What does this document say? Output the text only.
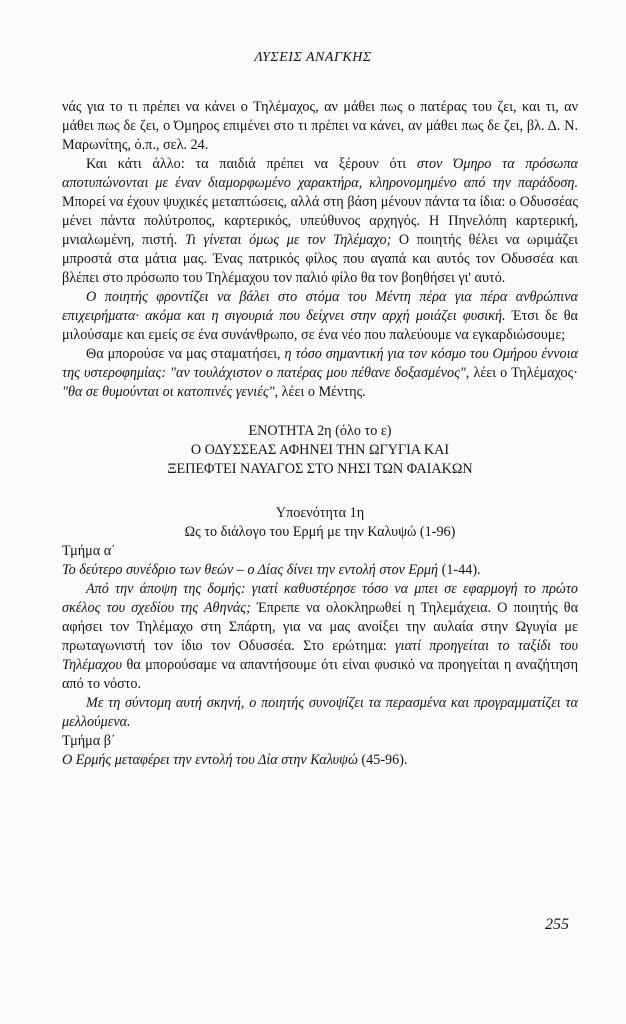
ΛΥΣΕΙΣ ΑΝΑΓΚΗΣ

νάς για το τι πρέπει να κάνει ο Τηλέμαχος, αν μάθει πως ο πατέρας του ζει, και τι, αν μάθει πως δε ζει, ο Όμηρος επιμένει στο τι πρέπει να κάνει, αν μάθει πως δε ζει, βλ. Δ. Ν. Μαρωνίτης, ό.π., σελ. 24.

Και κάτι άλλο: τα παιδιά πρέπει να ξέρουν ότι στον Όμηρο τα πρόσωπα αποτυπώνονται με έναν διαμορφωμένο χαρακτήρα, κληρονομημένο από την παράδοση. Μπορεί να έχουν ψυχικές μεταπτώσεις, αλλά στη βάση μένουν πάντα τα ίδια: ο Οδυσσέας μένει πάντα πολύτροπος, καρτερικός, υπεύθυνος αρχηγός. Η Πηνελόπη καρτερική, μνιαλωμένη, πιστή. Τι γίνεται όμως με τον Τηλέμαχο; Ο ποιητής θέλει να ωριμάζει μπροστά στα μάτια μας. Ένας πατρικός φίλος που αγαπά και αυτός τον Οδυσσέα και βλέπει στο πρόσωπο του Τηλέμαχου τον παλιό φίλο θα τον βοηθήσει γι' αυτό.

Ο ποιητής φροντίζει να βάλει στο στόμα του Μέντη πέρα για πέρα ανθρώπινα επιχειρήματα· ακόμα και η σιγουριά που δείχνει στην αρχή μοιάζει φυσική. Έτσι δε θα μιλούσαμε και εμείς σε ένα συνάνθρωπο, σε ένα νέο που παλεύουμε να εγκαρδιώσουμε;

Θα μπορούσε να μας σταματήσει, η τόσο σημαντική για τον κόσμο του Ομήρου έννοια της υστεροφημίας: "αν τουλάχιστον ο πατέρας μου πέθανε δοξασμένος", λέει ο Τηλέμαχος· "θα σε θυμούνται οι κατοπινές γενιές", λέει ο Μέντης.

ΕΝΟΤΗΤΑ 2η (όλο το ε)
Ο ΟΔΥΣΣΕΑΣ ΑΦΗΝΕΙ ΤΗΝ ΩΓΥΓΙΑ ΚΑΙ
ΞΕΠΕΦΤΕΙ ΝΑΥΑΓΟΣ ΣΤΟ ΝΗΣΙ ΤΩΝ ΦΑΙΑΚΩΝ
Υποενότητα 1η
Ως το διάλογο του Ερμή με την Καλυψώ (1-96)

Τμήμα α΄

Το δεύτερο συνέδριο των θεών – ο Δίας δίνει την εντολή στον Ερμή (1-44).

Από την άποψη της δομής: γιατί καθυστέρησε τόσο να μπει σε εφαρμογή το πρώτο σκέλος του σχεδίου της Αθηνάς; Έπρεπε να ολοκληρωθεί η Τηλεμάχεια. Ο ποιητής θα αφήσει τον Τηλέμαχο στη Σπάρτη, για να μας ανοίξει την αυλαία στην Ωγυγία με πρωταγωνιστή τον ίδιο τον Οδυσσέα. Στο ερώτημα: γιατί προηγείται το ταξίδι του Τηλέμαχου θα μπορούσαμε να απαντήσουμε ότι είναι φυσικό να προηγείται η αναζήτηση από το νόστο.

Με τη σύντομη αυτή σκηνή, ο ποιητής συνοψίζει τα περασμένα και προγραμματίζει τα μελλούμενα.

Τμήμα β΄

Ο Ερμής μεταφέρει την εντολή του Δία στην Καλυψώ (45-96).

255
